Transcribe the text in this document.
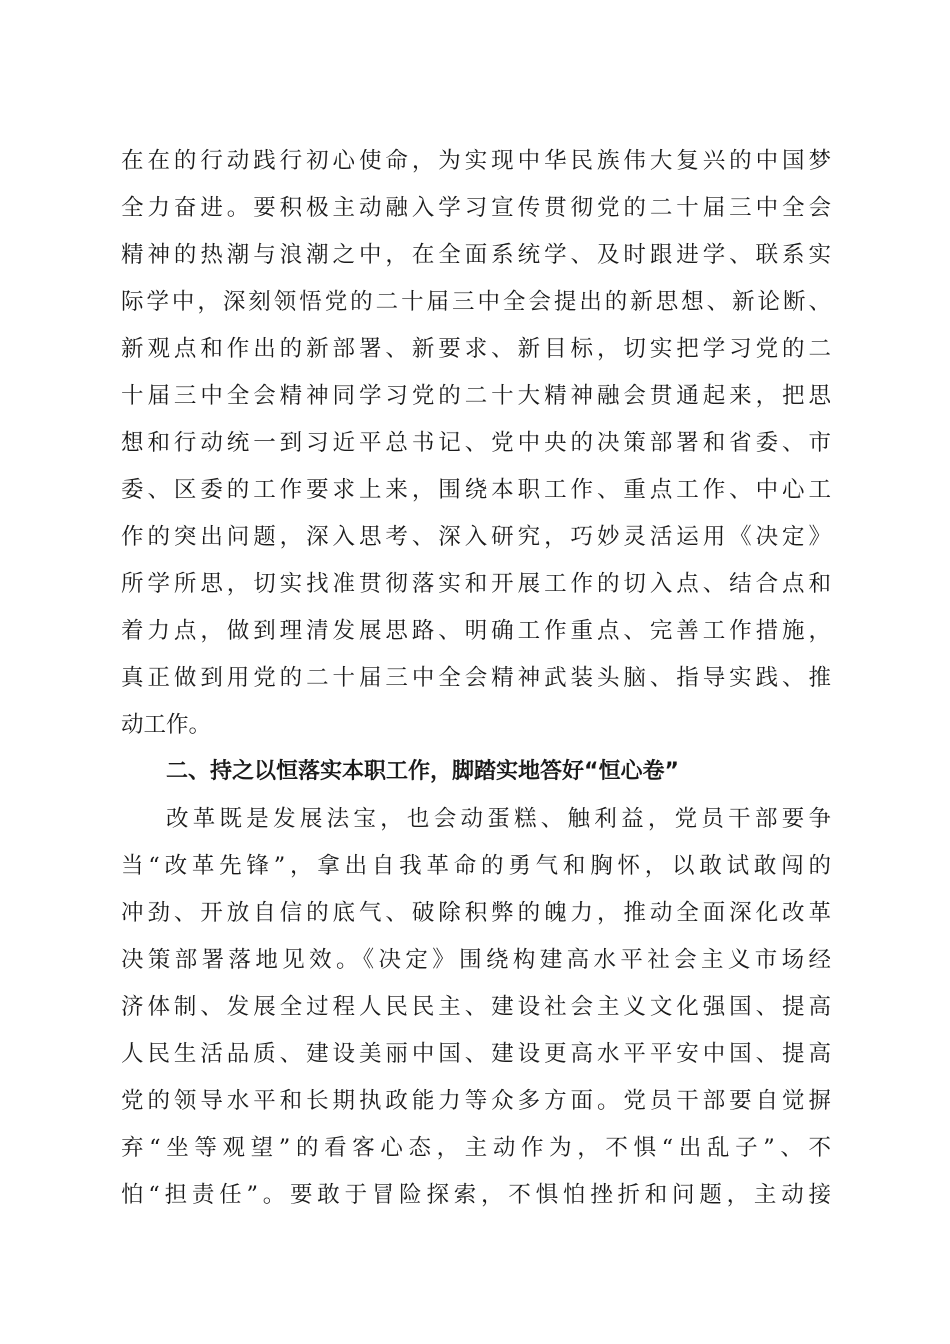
在在的行动践行初心使命，为实现中华民族伟大复兴的中国梦
全力奋进。要积极主动融入学习宣传贯彻党的二十届三中全会
精神的热潮与浪潮之中，在全面系统学、及时跟进学、联系实
际学中，深刻领悟党的二十届三中全会提出的新思想、新论断、
新观点和作出的新部署、新要求、新目标，切实把学习党的二
十届三中全会精神同学习党的二十大精神融会贯通起来，把思
想和行动统一到习近平总书记、党中央的决策部署和省委、市
委、区委的工作要求上来，围绕本职工作、重点工作、中心工
作的突出问题，深入思考、深入研究，巧妙灵活运用《决定》
所学所思，切实找准贯彻落实和开展工作的切入点、结合点和
着力点，做到理清发展思路、明确工作重点、完善工作措施，
真正做到用党的二十届三中全会精神武装头脑、指导实践、推
动工作。
二、持之以恒落实本职工作，脚踏实地答好“恒心卷”
改革既是发展法宝，也会动蛋糕、触利益，党员干部要争
当“改革先锋”，拿出自我革命的勇气和胸怀，以敢试敢闯的
冲劲、开放自信的底气、破除积弊的魄力，推动全面深化改革
决策部署落地见效。《决定》围绕构建高水平社会主义市场经
济体制、发展全过程人民民主、建设社会主义文化强国、提高
人民生活品质、建设美丽中国、建设更高水平平安中国、提高
党的领导水平和长期执政能力等众多方面。党员干部要自觉摒
弃“坐等观望”的看客心态，主动作为，不惧“出乱子”、不
怕“担责任”。要敢于冒险探索，不惧怕挫折和问题，主动接
